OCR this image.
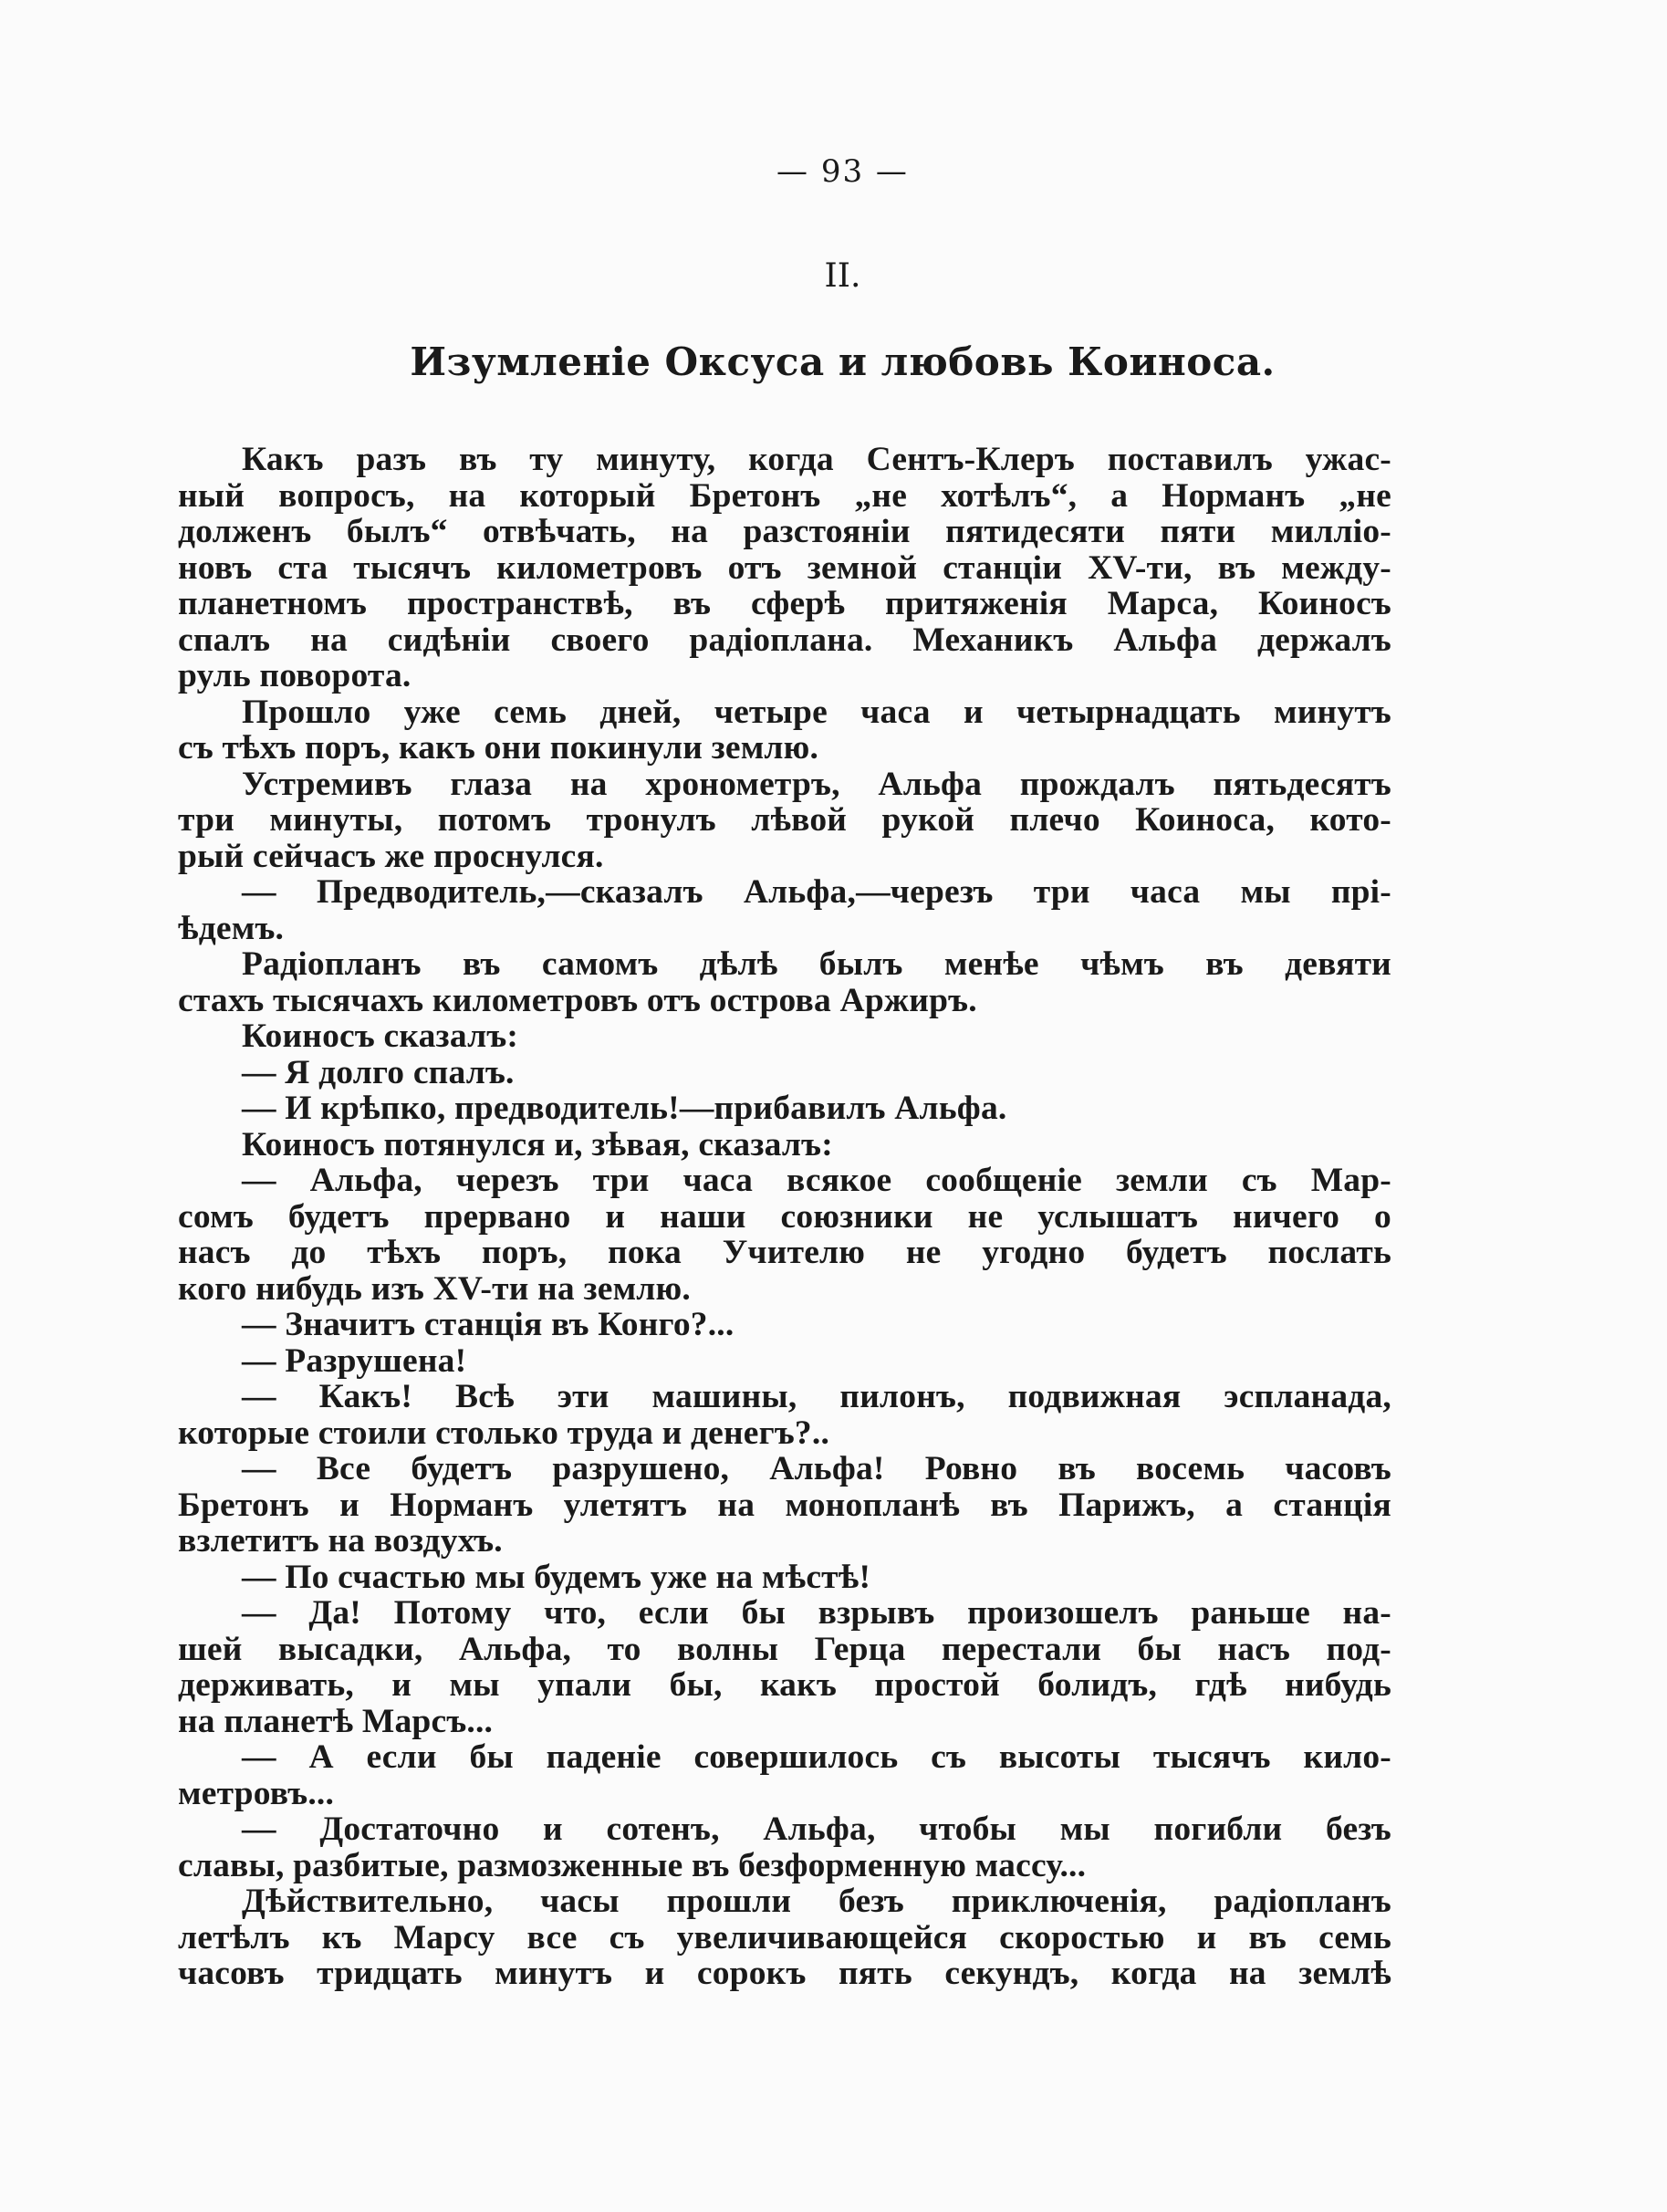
— 93 —
II.
Изумленіе Оксуса и любовь Коиноса.
Какъ разъ въ ту минуту, когда Сентъ-Клеръ поставилъ ужас-
ный вопросъ, на который Бретонъ „не хотѣлъ“, а Норманъ „не
долженъ былъ“ отвѣчать, на разстояніи пятидесяти пяти милліо-
новъ ста тысячъ километровъ отъ земной станціи XV-ти, въ между-
планетномъ пространствѣ, въ сферѣ притяженія Марса, Коиносъ
спалъ на сидѣніи своего радіоплана. Механикъ Альфа держалъ
руль поворота.
Прошло уже семь дней, четыре часа и четырнадцать минутъ
съ тѣхъ поръ, какъ они покинули землю.
Устремивъ глаза на хронометръ, Альфа прождалъ пятьдесятъ
три минуты, потомъ тронулъ лѣвой рукой плечо Коиноса, кото-
рый сейчасъ же проснулся.
— Предводитель,—сказалъ Альфа,—черезъ три часа мы прі-
ѣдемъ.
Радіопланъ въ самомъ дѣлѣ былъ менѣе чѣмъ въ девяти
стахъ тысячахъ километровъ отъ острова Аржиръ.
Коиносъ сказалъ:
— Я долго спалъ.
— И крѣпко, предводитель!—прибавилъ Альфа.
Коиносъ потянулся и, зѣвая, сказалъ:
— Альфа, черезъ три часа всякое сообщеніе земли съ Мар-
сомъ будетъ прервано и наши союзники не услышатъ ничего о
насъ до тѣхъ поръ, пока Учителю не угодно будетъ послать
кого нибудь изъ XV-ти на землю.
— Значитъ станція въ Конго?...
— Разрушена!
— Какъ! Всѣ эти машины, пилонъ, подвижная эспланада,
которые стоили столько труда и денегъ?..
— Все будетъ разрушено, Альфа! Ровно въ восемь часовъ
Бретонъ и Норманъ улетятъ на монопланѣ въ Парижъ, а станція
взлетитъ на воздухъ.
— По счастью мы будемъ уже на мѣстѣ!
— Да! Потому что, если бы взрывъ произошелъ раньше на-
шей высадки, Альфа, то волны Герца перестали бы насъ под-
держивать, и мы упали бы, какъ простой болидъ, гдѣ нибудь
на планетѣ Марсъ...
— А если бы паденіе совершилось съ высоты тысячъ кило-
метровъ...
— Достаточно и сотенъ, Альфа, чтобы мы погибли безъ
славы, разбитые, размозженные въ безформенную массу...
Дѣйствительно, часы прошли безъ приключенія, радіопланъ
летѣлъ къ Марсу все съ увеличивающейся скоростью и въ семь
часовъ тридцать минутъ и сорокъ пять секундъ, когда на землѣ
